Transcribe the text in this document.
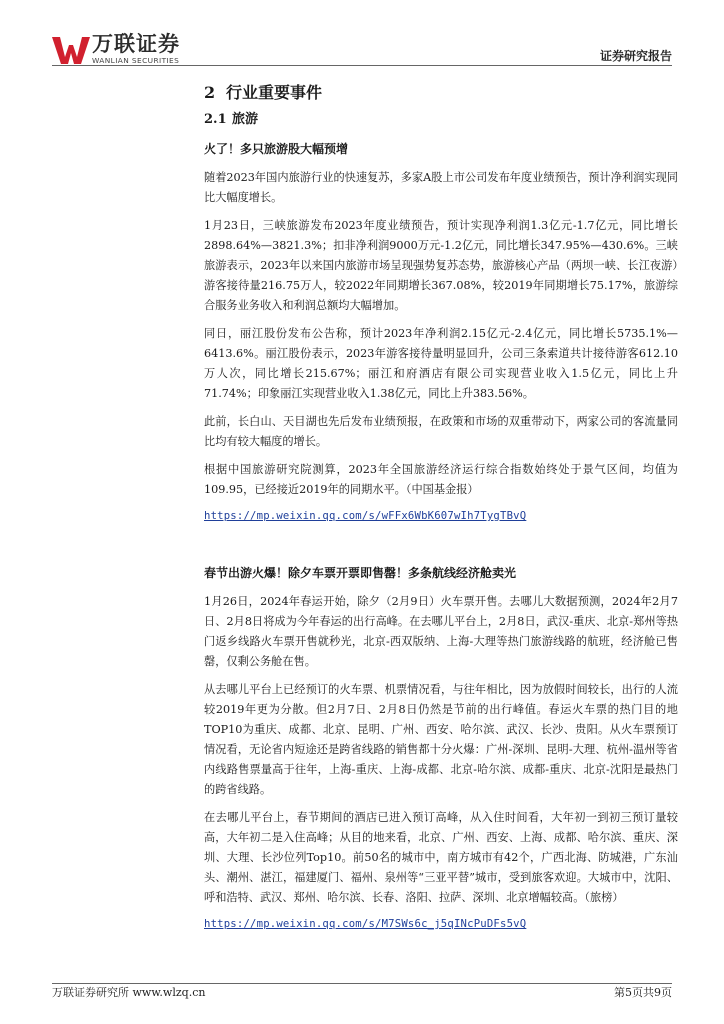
万联证券
WANLIAN SECURITIES	证券研究报告
2 行业重要事件
2.1 旅游
火了！多只旅游股大幅预增

随着2023年国内旅游行业的快速复苏，多家A股上市公司发布年度业绩预告，预计净利润实现同比大幅度增长。

1月23日，三峡旅游发布2023年度业绩预告，预计实现净利润1.3亿元-1.7亿元，同比增长2898.64%—3821.3%；扣非净利润9000万元-1.2亿元，同比增长347.95%—430.6%。三峡旅游表示，2023年以来国内旅游市场呈现强势复苏态势，旅游核心产品（两坝一峡、长江夜游）游客接待量216.75万人，较2022年同期增长367.08%，较2019年同期增长75.17%，旅游综合服务业务收入和利润总额均大幅增加。

同日，丽江股份发布公告称，预计2023年净利润2.15亿元-2.4亿元，同比增长5735.1%—6413.6%。丽江股份表示，2023年游客接待量明显回升，公司三条索道共计接待游客612.10万人次，同比增长215.67%；丽江和府酒店有限公司实现营业收入1.5亿元，同比上升71.74%；印象丽江实现营业收入1.38亿元，同比上升383.56%。

此前，长白山、天目湖也先后发布业绩预报，在政策和市场的双重带动下，两家公司的客流量同比均有较大幅度的增长。

根据中国旅游研究院测算，2023年全国旅游经济运行综合指数始终处于景气区间，均值为109.95，已经接近2019年的同期水平。（中国基金报）

https://mp.weixin.qq.com/s/wFFx6WbK607wIh7TygTBvQ
春节出游火爆！除夕车票开票即售罄！多条航线经济舱卖光

1月26日，2024年春运开始，除夕（2月9日）火车票开售。去哪儿大数据预测，2024年2月7日、2月8日将成为今年春运的出行高峰。在去哪儿平台上，2月8日，武汉-重庆、北京-郑州等热门返乡线路火车票开售就秒光，北京-西双版纳、上海-大理等热门旅游线路的航班，经济舱已售罄，仅剩公务舱在售。

从去哪儿平台上已经预订的火车票、机票情况看，与往年相比，因为放假时间较长，出行的人流较2019年更为分散。但2月7日、2月8日仍然是节前的出行峰值。春运火车票的热门目的地TOP10为重庆、成都、北京、昆明、广州、西安、哈尔滨、武汉、长沙、贵阳。从火车票预订情况看，无论省内短途还是跨省线路的销售都十分火爆：广州-深圳、昆明-大理、杭州-温州等省内线路售票量高于往年，上海-重庆、上海-成都、北京-哈尔滨、成都-重庆、北京-沈阳是最热门的跨省线路。

在去哪儿平台上，春节期间的酒店已进入预订高峰，从入住时间看，大年初一到初三预订量较高，大年初二是入住高峰；从目的地来看，北京、广州、西安、上海、成都、哈尔滨、重庆、深圳、大理、长沙位列Top10。前50名的城市中，南方城市有42个，广西北海、防城港，广东汕头、潮州、湛江，福建厦门、福州、泉州等“三亚平替”城市，受到旅客欢迎。大城市中，沈阳、呼和浩特、武汉、郑州、哈尔滨、长春、洛阳、拉萨、深圳、北京增幅较高。（旅榜）

https://mp.weixin.qq.com/s/M7SWs6c_j5qINcPuDFs5vQ
万联证券研究所 www.wlzq.cn	第5页共9页
